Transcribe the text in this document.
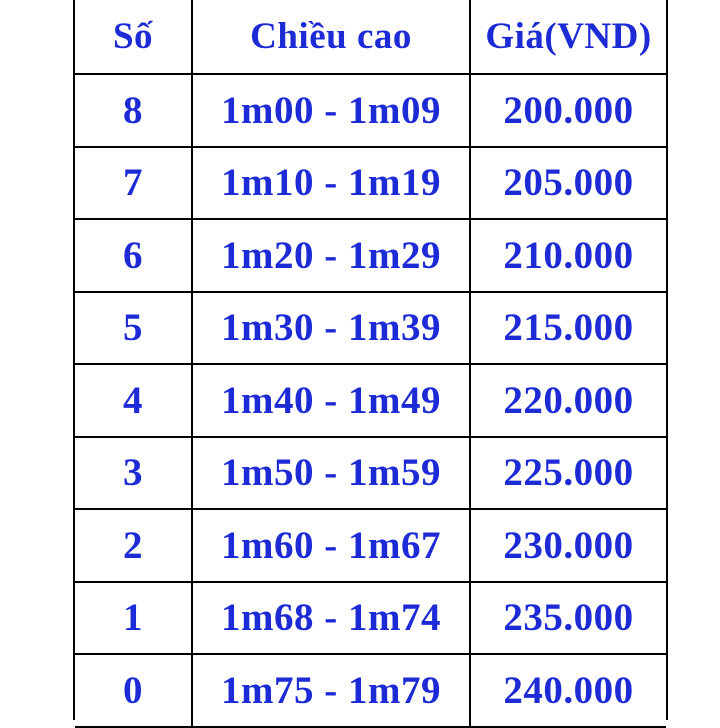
Số	Chiều cao	Giá(VND)
8	1m00 - 1m09	200.000
7	1m10 - 1m19	205.000
6	1m20 - 1m29	210.000
5	1m30 - 1m39	215.000
4	1m40 - 1m49	220.000
3	1m50 - 1m59	225.000
2	1m60 - 1m67	230.000
1	1m68 - 1m74	235.000
0	1m75 - 1m79	240.000
